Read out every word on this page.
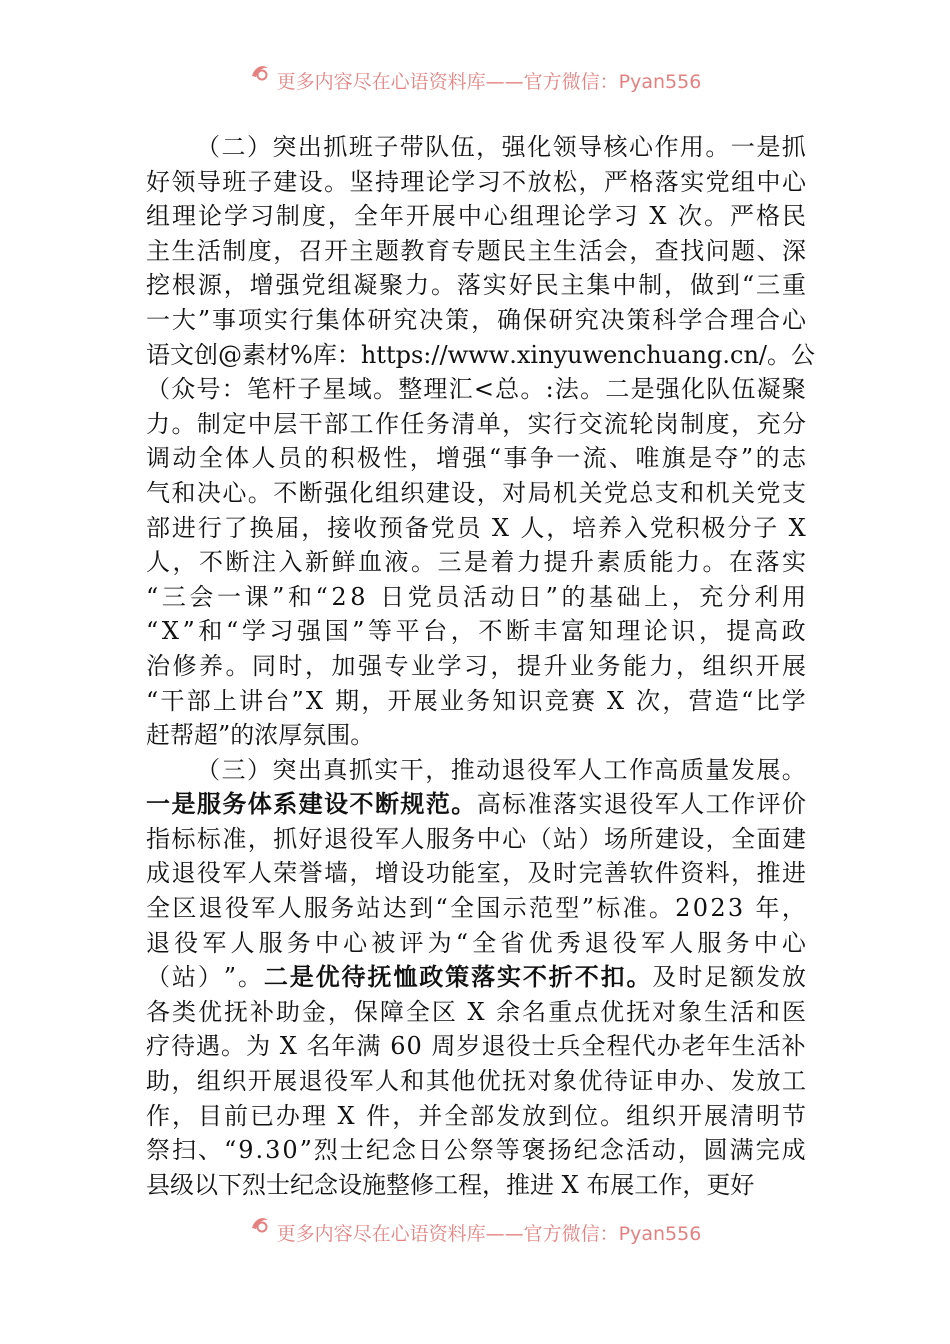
更多内容尽在心语资料库——官方微信：Pyan556
（ 二 ） 突 出 抓 班 子 带 队 伍 ， 强 化 领 导 核 心 作 用 。 一 是 抓
好 领 导 班 子 建 设 。 坚 持 理 论 学 习 不 放 松 ， 严 格 落 实 党 组 中 心
组 理 论 学 习 制 度 ， 全 年 开 展 中 心 组 理 论 学 习
X
次 。 严 格 民
主 生 活 制 度 ， 召 开 主 题 教 育 专 题 民 主 生 活 会 ， 查 找 问 题 、 深
挖 根 源 ， 增 强 党 组 凝 聚 力 。 落 实 好 民 主 集 中 制 ， 做 到 “ 三 重
一 大 ” 事 项 实 行 集 体 研 究 决 策 ， 确 保 研 究 决 策 科 学 合 理 合 心
语 文 创 @ 素 材 % 库 ： h t t p s : / / w w w . x i n y u w e n c h u a n g . c n / 。 公
（ 众 号 ： 笔 杆 子 星 域 。 整 理 汇 < 总 。 : 法 。 二 是 强 化 队 伍 凝 聚
力 。 制 定 中 层 干 部 工 作 任 务 清 单 ， 实 行 交 流 轮 岗 制 度 ， 充 分
调 动 全 体 人 员 的 积 极 性 ， 增 强 “ 事 争 一 流 、 唯 旗 是 夺 ” 的 志
气 和 决 心 。 不 断 强 化 组 织 建 设 ， 对 局 机 关 党 总 支 和 机 关 党 支
部 进 行 了 换 届 ， 接 收 预 备 党 员
X
人 ， 培 养 入 党 积 极 分 子
X
人 ， 不 断 注 入 新 鲜 血 液 。 三 是 着 力 提 升 素 质 能 力 。 在 落 实
“ 三 会 一 课 ” 和 “ 2 8
日 党 员 活 动 日 ” 的 基 础 上 ， 充 分 利 用
“ X ” 和 “ 学 习 强 国 ” 等 平 台 ， 不 断 丰 富 知 理 论 识 ， 提 高 政
治 修 养 。 同 时 ， 加 强 专 业 学 习 ， 提 升 业 务 能 力 ， 组 织 开 展
“ 干 部 上 讲 台 ” X
期 ， 开 展 业 务 知 识 竞 赛
X
次 ， 营 造 “ 比 学
赶 帮 超 ” 的 浓 厚 氛 围 。
（ 三 ） 突 出 真 抓 实 干 ， 推 动 退 役 军 人 工 作 高 质 量 发 展 。
一 是 服 务 体 系 建 设 不 断 规 范 。 高 标 准 落 实 退 役 军 人 工 作 评 价
指 标 标 准 ， 抓 好 退 役 军 人 服 务 中 心 （ 站 ） 场 所 建 设 ， 全 面 建
成 退 役 军 人 荣 誉 墙 ， 增 设 功 能 室 ， 及 时 完 善 软 件 资 料 ， 推 进
全 区 退 役 军 人 服 务 站 达 到 “ 全 国 示 范 型 ” 标 准 。 2 0 2 3
年 ，
退 役 军 人 服 务 中 心 被 评 为 “ 全 省 优 秀 退 役 军 人 服 务 中 心
（ 站 ） ” 。 二 是 优 待 抚 恤 政 策 落 实 不 折 不 扣 。 及 时 足 额 发 放
各 类 优 抚 补 助 金 ， 保 障 全 区
X
余 名 重 点 优 抚 对 象 生 活 和 医
疗 待 遇 。 为
X
名 年 满
6 0
周 岁 退 役 士 兵 全 程 代 办 老 年 生 活 补
助 ， 组 织 开 展 退 役 军 人 和 其 他 优 抚 对 象 优 待 证 申 办 、 发 放 工
作 ， 目 前 已 办 理
X
件 ， 并 全 部 发 放 到 位 。 组 织 开 展 清 明 节
祭 扫 、 “ 9 . 3 0 ” 烈 士 纪 念 日 公 祭 等 褒 扬 纪 念 活 动 ， 圆 满 完 成
县 级 以 下 烈 士 纪 念 设 施 整 修 工 程 ， 推 进
X
布 展 工 作 ， 更 好
更多内容尽在心语资料库——官方微信：Pyan556
